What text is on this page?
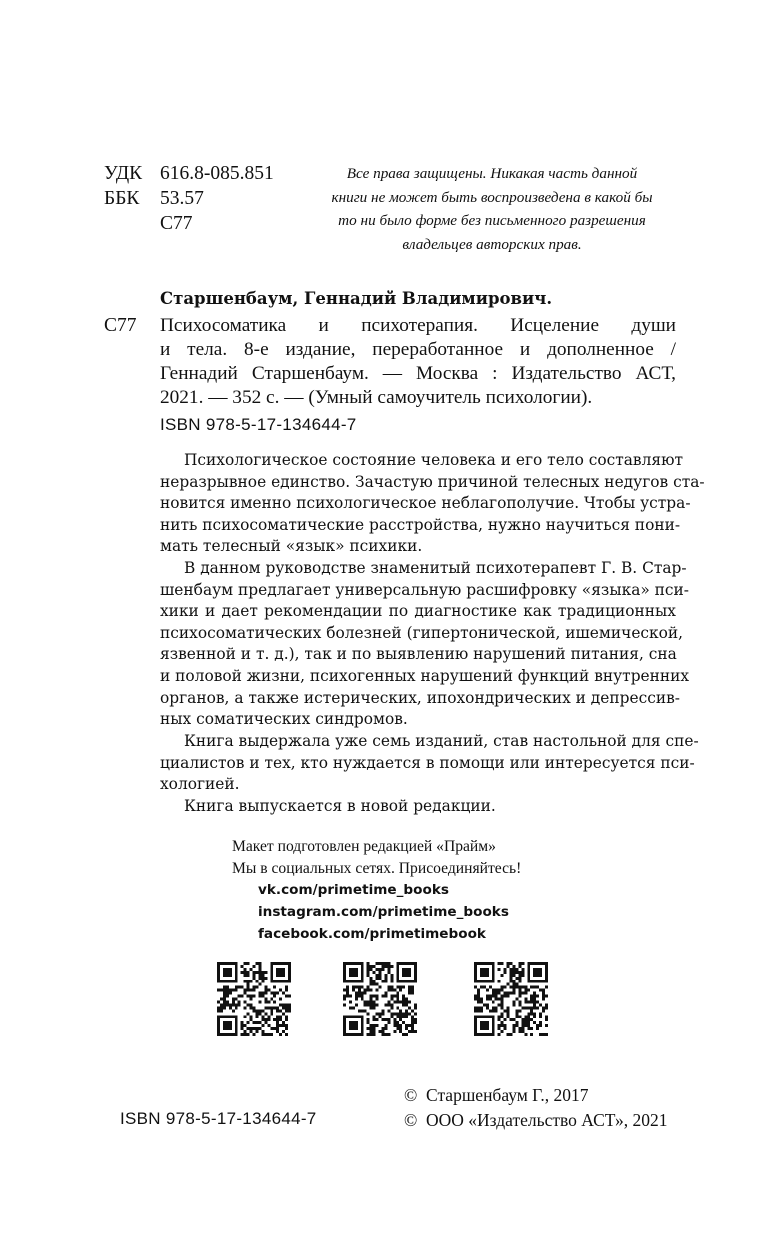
УДК 616.8-085.851
ББК 53.57
С77
Все права защищены. Никакая часть данной
книги не может быть воспроизведена в какой бы
то ни было форме без письменного разрешения
владельцев авторских прав.
Старшенбаум, Геннадий Владимирович.
С77 Психосоматика и психотерапия. Исцеление души
и тела. 8-е издание, переработанное и дополненное /
Геннадий Старшенбаум. — Москва : Издательство АСТ,
2021. — 352 с. — (Умный самоучитель психологии).
ISBN 978-5-17-134644-7
Психологическое состояние человека и его тело составляют
неразрывное единство. Зачастую причиной телесных недугов ста-
новится именно психологическое неблагополучие. Чтобы устра-
нить психосоматические расстройства, нужно научиться пони-
мать телесный «язык» психики.
В данном руководстве знаменитый психотерапевт Г. В. Стар-
шенбаум предлагает универсальную расшифровку «языка» пси-
хики и дает рекомендации по диагностике как традиционных
психосоматических болезней (гипертонической, ишемической,
язвенной и т. д.), так и по выявлению нарушений питания, сна
и половой жизни, психогенных нарушений функций внутренних
органов, а также истерических, ипохондрических и депрессив-
ных соматических синдромов.
Книга выдержала уже семь изданий, став настольной для спе-
циалистов и тех, кто нуждается в помощи или интересуется пси-
хологией.
Книга выпускается в новой редакции.
Макет подготовлен редакцией «Прайм»
Мы в социальных сетях. Присоединяйтесь!
vk.com/primetime_books
instagram.com/primetime_books
facebook.com/primetimebook
ISBN 978-5-17-134644-7
© Старшенбаум Г., 2017
© ООО «Издательство АСТ», 2021
